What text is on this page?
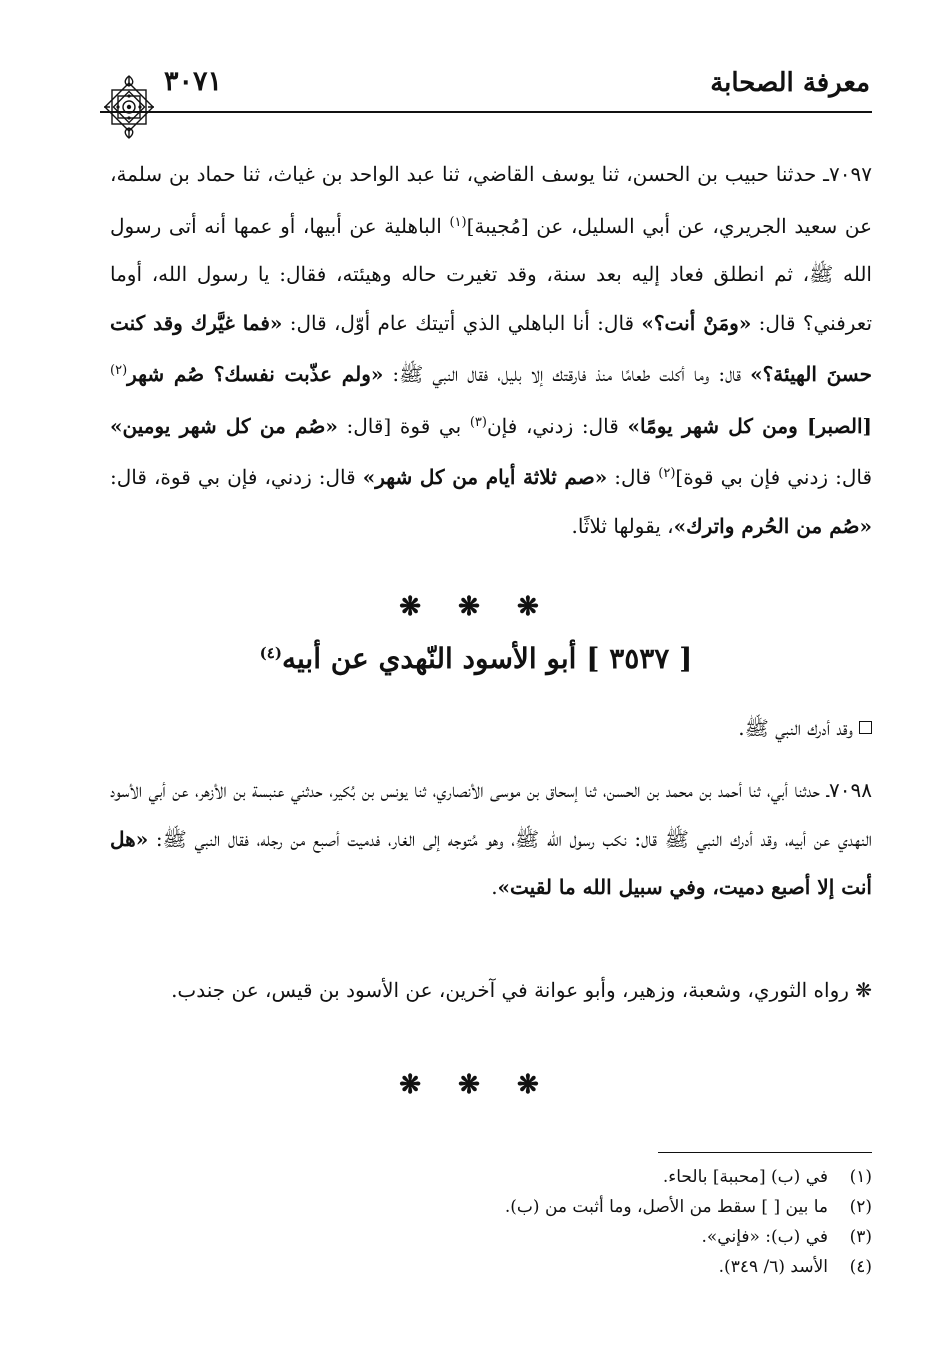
معرفة الصحابة
٣٠٧١
٧٠٩٧ـ حدثنا حبيب بن الحسن، ثنا يوسف القاضي، ثنا عبد الواحد بن غياث، ثنا حماد بن سلمة، عن سعيد الجريري، عن أبي السليل، عن [مُجيبة]$^{(١)}$ الباهلية عن أبيها، أو عمها أنه أتى رسول الله ﷺ، ثم انطلق فعاد إليه بعد سنة، وقد تغيرت حاله وهيئته، فقال: يا رسول الله، أوما تعرفني؟ قال: «ومَنْ أنت؟» قال: أنا الباهلي الذي أتيتك عام أوّل، قال: «فما غيَّرك وقد كنت حسنَ الهيئة؟» قال: وما أكلت طعامًا منذ فارقتك إلا بليل، فقال النبي ﷺ: «ولم عذّبت نفسك؟ صُم شهر$^{(٢)}$ [الصبر] ومن كل شهر يومًا» قال: زدني، فإن$^{(٣)}$ بي قوة [قال: «صُم من كل شهر يومين» قال: زدني فإن بي قوة]$^{(٢)}$ قال: «صم ثلاثة أيام من كل شهر» قال: زدني، فإن بي قوة، قال: «صُم من الحُرم واترك»، يقولها ثلاثًا.
❋ ❋ ❋
[ ٣٥٣٧ ] أبو الأسود النّهدي عن أبيه$^{(٤)}$
وقد أدرك النبي ﷺ.
٧٠٩٨ـ حدثنا أبي، ثنا أحمد بن محمد بن الحسن، ثنا إسحاق بن موسى الأنصاري، ثنا يونس بن بُكير، حدثني عنبسة بن الأزهر، عن أبي الأسود النهدي عن أبيه، وقد أدرك النبي ﷺ قال: نكب رسول الله ﷺ، وهو مُتوجه إلى الغار، فدميت أصبع من رجله، فقال النبي ﷺ: «هل أنت إلا أصبع دميت، وفي سبيل الله ما لقيت».
❋ رواه الثوري، وشعبة، وزهير، وأبو عوانة في آخرين، عن الأسود بن قيس، عن جندب.
❋ ❋ ❋
(١)في (ب) [محببة] بالحاء.
(٢)ما بين [ ] سقط من الأصل، وما أثبت من (ب).
(٣)في (ب): «فإني».
(٤)الأسد (٦/ ٣٤٩).
